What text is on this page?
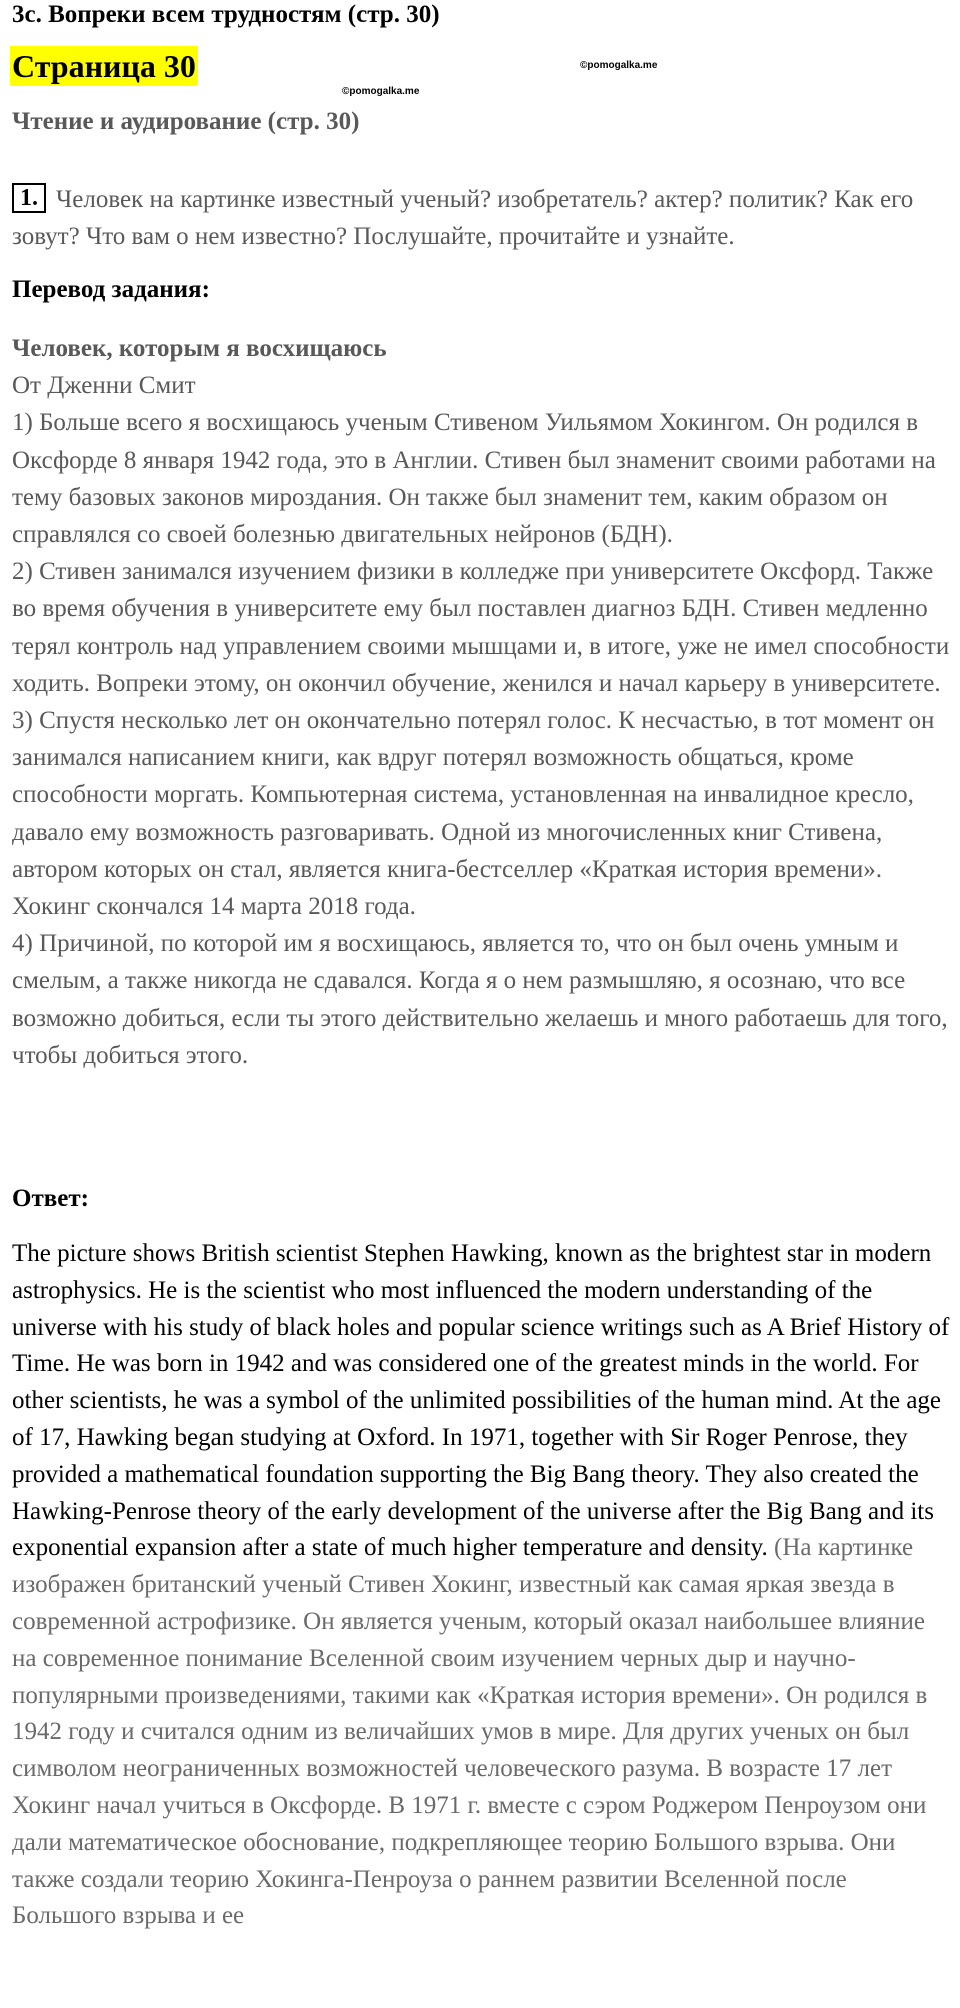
3c. Вопреки всем трудностям (стр. 30)
Страница 30	©pomogalka.me
©pomogalka.me
Чтение и аудирование (стр. 30)
1. Человек на картинке известный ученый? изобретатель? актер? политик? Как его зовут? Что вам о нем известно? Послушайте, прочитайте и узнайте.
Перевод задания:

Человек, которым я восхищаюсь

От Дженни Смит

1) Больше всего я восхищаюсь ученым Стивеном Уильямом Хокингом. Он родился в Оксфорде 8 января 1942 года, это в Англии. Стивен был знаменит своими работами на тему базовых законов мироздания. Он также был знаменит тем, каким образом он справлялся со своей болезнью двигательных нейронов (БДН).

2) Стивен занимался изучением физики в колледже при университете Оксфорд. Также во время обучения в университете ему был поставлен диагноз БДН. Стивен медленно терял контроль над управлением своими мышцами и, в итоге, уже не имел способности ходить. Вопреки этому, он окончил обучение, женился и начал карьеру в университете.

3) Спустя несколько лет он окончательно потерял голос. К несчастью, в тот момент он занимался написанием книги, как вдруг потерял возможность общаться, кроме способности моргать. Компьютерная система, установленная на инвалидное кресло, давало ему возможность разговаривать. Одной из многочисленных книг Стивена, автором которых он стал, является книга-бестселлер «Краткая история времени». Хокинг скончался 14 марта 2018 года.

4) Причиной, по которой им я восхищаюсь, является то, что он был очень умным и смелым, а также никогда не сдавался. Когда я о нем размышляю, я осознаю, что все возможно добиться, если ты этого действительно желаешь и много работаешь для того, чтобы добиться этого.

Ответ:
The picture shows British scientist Stephen Hawking, known as the brightest star in modern astrophysics. He is the scientist who most influenced the modern understanding of the universe with his study of black holes and popular science writings such as A Brief History of Time. He was born in 1942 and was considered one of the greatest minds in the world. For other scientists, he was a symbol of the unlimited possibilities of the human mind. At the age of 17, Hawking began studying at Oxford. In 1971, together with Sir Roger Penrose, they provided a mathematical foundation supporting the Big Bang theory. They also created the Hawking-Penrose theory of the early development of the universe after the Big Bang and its exponential expansion after a state of much higher temperature and density. (На картинке изображен британский ученый Стивен Хокинг, известный как самая яркая звезда в современной астрофизике. Он является ученым, который оказал наибольшее влияние на современное понимание Вселенной своим изучением черных дыр и научно-популярными произведениями, такими как «Краткая история времени». Он родился в 1942 году и считался одним из величайших умов в мире. Для других ученых он был символом неограниченных возможностей человеческого разума. В возрасте 17 лет Хокинг начал учиться в Оксфорде. В 1971 г. вместе с сэром Роджером Пенроузом они дали математическое обоснование, подкрепляющее теорию Большого взрыва. Они также создали теорию Хокинга-Пенроуза о раннем развитии Вселенной после Большого взрыва и ее
